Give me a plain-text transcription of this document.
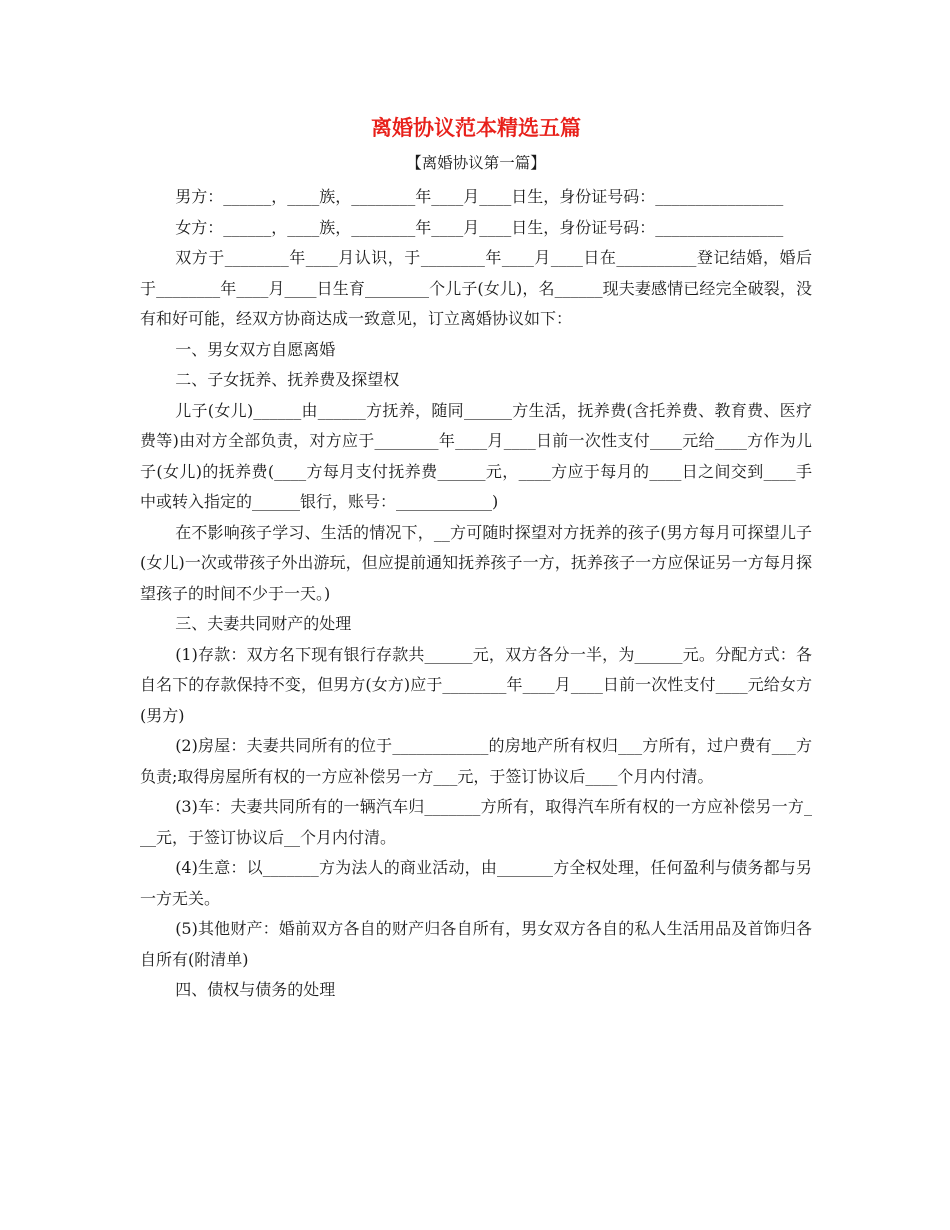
离婚协议范本精选五篇
【离婚协议第一篇】

男方：______，____族，________年____月____日生，身份证号码：________________

女方：______，____族，________年____月____日生，身份证号码：________________

双方于________年____月认识，于________年____月____日在__________登记结婚，婚后于________年____月____日生育________个儿子(女儿)，名______现夫妻感情已经完全破裂，没有和好可能，经双方协商达成一致意见，订立离婚协议如下：

一、男女双方自愿离婚

二、子女抚养、抚养费及探望权

儿子(女儿)______由______方抚养，随同______方生活，抚养费(含托养费、教育费、医疗费等)由对方全部负责，对方应于________年____月____日前一次性支付____元给____方作为儿子(女儿)的抚养费(____方每月支付抚养费______元，____方应于每月的____日之间交到____手中或转入指定的______银行，账号：____________)

在不影响孩子学习、生活的情况下，__方可随时探望对方抚养的孩子(男方每月可探望儿子(女儿)一次或带孩子外出游玩，但应提前通知抚养孩子一方，抚养孩子一方应保证另一方每月探望孩子的时间不少于一天。)

三、夫妻共同财产的处理

(1)存款：双方名下现有银行存款共______元，双方各分一半，为______元。分配方式：各自名下的存款保持不变，但男方(女方)应于________年____月____日前一次性支付____元给女方(男方)

(2)房屋：夫妻共同所有的位于____________的房地产所有权归___方所有，过户费有___方负责;取得房屋所有权的一方应补偿另一方___元，于签订协议后____个月内付清。

(3)车：夫妻共同所有的一辆汽车归_______方所有，取得汽车所有权的一方应补偿另一方___元，于签订协议后__个月内付清。

(4)生意：以_______方为法人的商业活动，由_______方全权处理，任何盈利与债务都与另一方无关。

(5)其他财产：婚前双方各自的财产归各自所有，男女双方各自的私人生活用品及首饰归各自所有(附清单)

四、债权与债务的处理
